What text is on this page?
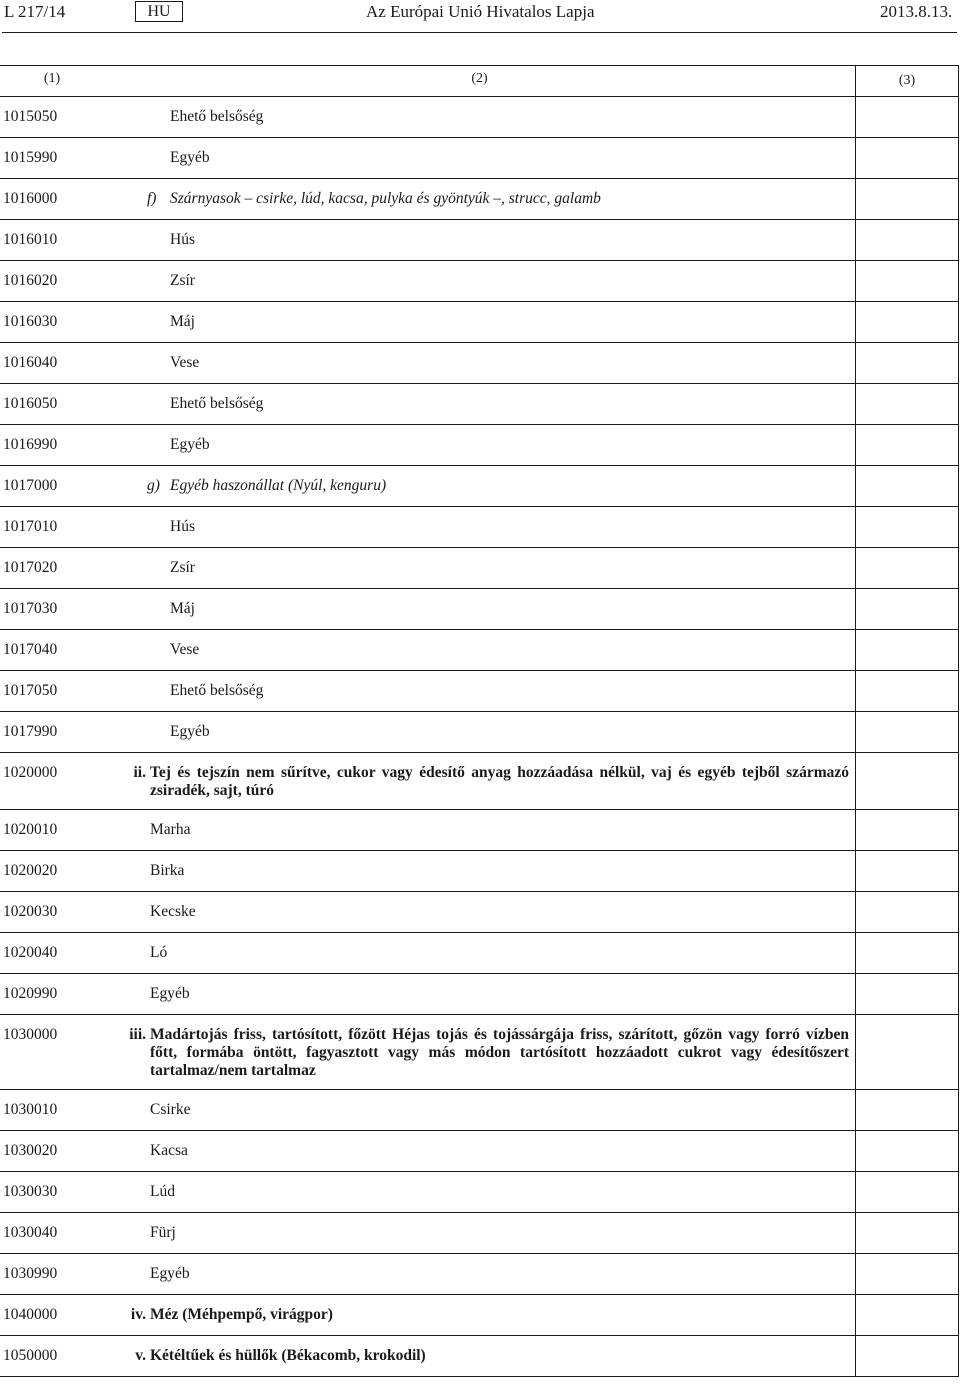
L 217/14	HU	Az Európai Unió Hivatalos Lapja	2013.8.13.
(1)	(2)	(3)
1015050	Ehető belsőség
1015990	Egyéb
1016000	f) Szárnyasok – csirke, lúd, kacsa, pulyka és gyöntyúk –, strucc, galamb
1016010	Hús
1016020	Zsír
1016030	Máj
1016040	Vese
1016050	Ehető belsőség
1016990	Egyéb
1017000	g) Egyéb haszonállat (Nyúl, kenguru)
1017010	Hús
1017020	Zsír
1017030	Máj
1017040	Vese
1017050	Ehető belsőség
1017990	Egyéb
1020000	ii. Tej és tejszín nem sűrítve, cukor vagy édesítő anyag hozzáadása nélkül, vaj és egyéb tejből származó zsiradék, sajt, túró
1020010	Marha
1020020	Birka
1020030	Kecske
1020040	Ló
1020990	Egyéb
1030000	iii. Madártojás friss, tartósított, főzött Héjas tojás és tojássárgája friss, szárított, gőzön vagy forró vízben főtt, formába öntött, fagyasztott vagy más módon tartósított hozzáadott cukrot vagy édesítőszert tartalmaz/nem tartalmaz
1030010	Csirke
1030020	Kacsa
1030030	Lúd
1030040	Fürj
1030990	Egyéb
1040000	iv. Méz (Méhpempő, virágpor)
1050000	v. Kétéltűek és hüllők (Békacomb, krokodil)
